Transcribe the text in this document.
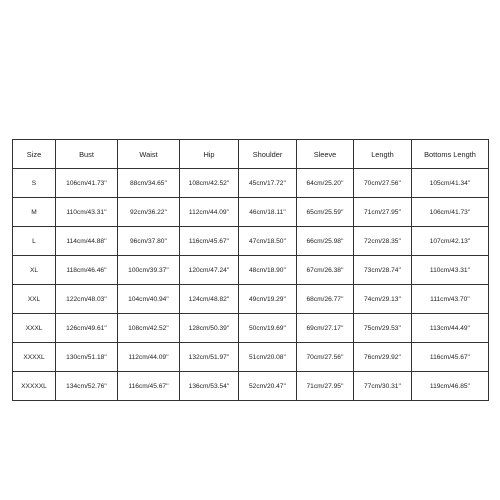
Size	Bust	Waist	Hip	Shoulder	Sleeve	Length	Bottoms Length
S	106cm/41.73''	88cm/34.65''	108cm/42.52''	45cm/17.72''	64cm/25.20''	70cm/27.56''	105cm/41.34''
M	110cm/43.31''	92cm/36.22''	112cm/44.09''	46cm/18.11''	65cm/25.59''	71cm/27.95''	106cm/41.73''
L	114cm/44.88''	96cm/37.80''	116cm/45.67''	47cm/18.50''	66cm/25.98''	72cm/28.35''	107cm/42.13''
XL	118cm/46.46''	100cm/39.37''	120cm/47.24''	48cm/18.90''	67cm/26.38''	73cm/28.74''	110cm/43.31''
XXL	122cm/48.03''	104cm/40.94''	124cm/48.82''	49cm/19.29''	68cm/26.77''	74cm/29.13''	111cm/43.70''
XXXL	126cm/49.61''	108cm/42.52''	128cm/50.39''	50cm/19.69''	69cm/27.17''	75cm/29.53''	113cm/44.49''
XXXXL	130cm/51.18''	112cm/44.09''	132cm/51.97''	51cm/20.08''	70cm/27.56''	76cm/29.92''	116cm/45.67''
XXXXXL	134cm/52.76''	116cm/45.67''	136cm/53.54''	52cm/20.47''	71cm/27.95''	77cm/30.31''	119cm/46.85''
